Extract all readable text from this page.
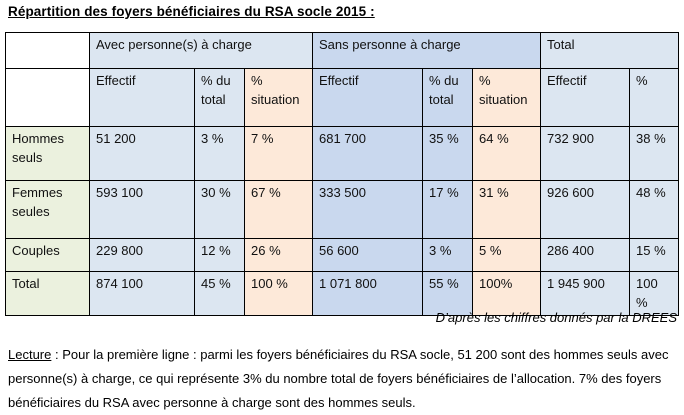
Répartition des foyers bénéficiaires du RSA socle 2015 :
	Avec personne(s) à charge			Sans personne à charge			Total	
	Effectif	% du total	% situation	Effectif	% du total	% situation	Effectif	%
Hommes seuls	51 200	3 %	7 %	681 700	35 %	64 %	732 900	38 %
Femmes seules	593 100	30 %	67 %	333 500	17 %	31 %	926 600	48 %
Couples	229 800	12 %	26 %	56 600	3 %	5 %	286 400	15 %
Total	874 100	45 %	100 %	1 071 800	55 %	100%	1 945 900	100 %
D’après les chiffres donnés par la DREES
Lecture : Pour la première ligne : parmi les foyers bénéficiaires du RSA socle, 51 200 sont des hommes seuls avec personne(s) à charge, ce qui représente 3% du nombre total de foyers bénéficiaires de l’allocation. 7% des foyers bénéficiaires du RSA avec personne à charge sont des hommes seuls.
